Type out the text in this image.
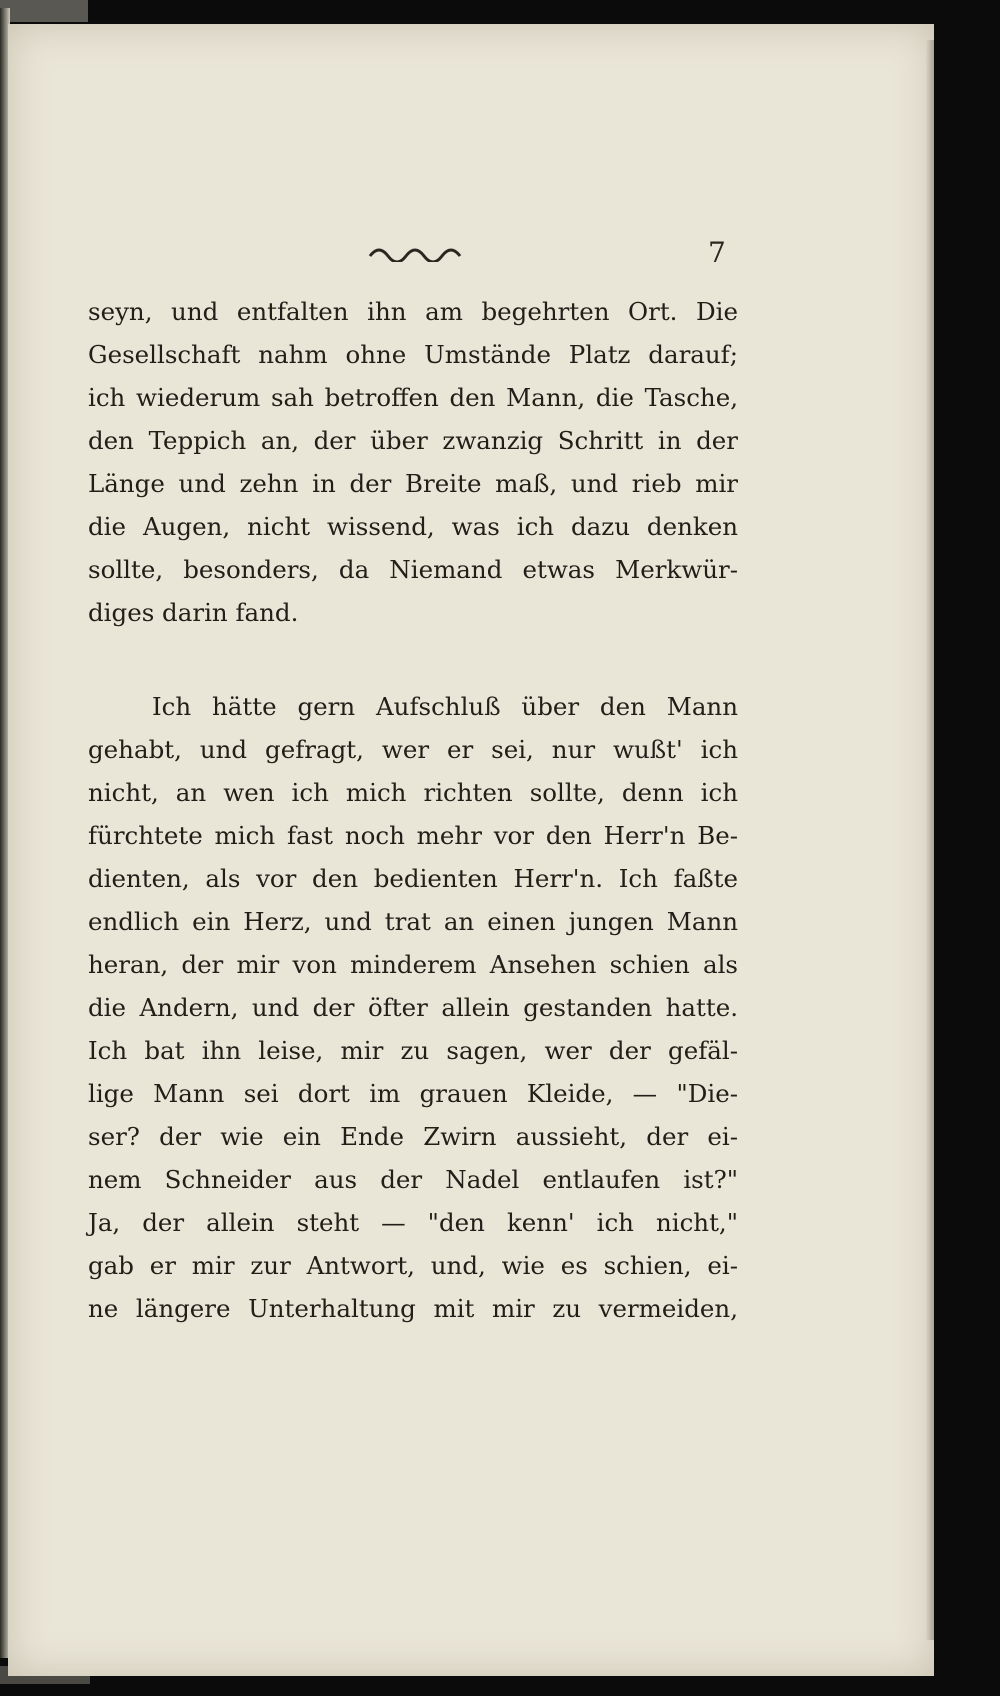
7
seyn, und entfalten ihn am begehrten Ort. Die
Gesellschaft nahm ohne Umstände Platz darauf;
ich wiederum sah betroffen den Mann, die Tasche,
den Teppich an, der über zwanzig Schritt in der
Länge und zehn in der Breite maß, und rieb mir
die Augen, nicht wissend, was ich dazu denken
sollte, besonders, da Niemand etwas Merkwür-
diges darin fand.
Ich hätte gern Aufschluß über den Mann
gehabt, und gefragt, wer er sei, nur wußt' ich
nicht, an wen ich mich richten sollte, denn ich
fürchtete mich fast noch mehr vor den Herr'n Be-
dienten, als vor den bedienten Herr'n. Ich faßte
endlich ein Herz, und trat an einen jungen Mann
heran, der mir von minderem Ansehen schien als
die Andern, und der öfter allein gestanden hatte.
Ich bat ihn leise, mir zu sagen, wer der gefäl-
lige Mann sei dort im grauen Kleide, — "Die-
ser? der wie ein Ende Zwirn aussieht, der ei-
nem Schneider aus der Nadel entlaufen ist?"
Ja, der allein steht — "den kenn' ich nicht,"
gab er mir zur Antwort, und, wie es schien, ei-
ne längere Unterhaltung mit mir zu vermeiden,
